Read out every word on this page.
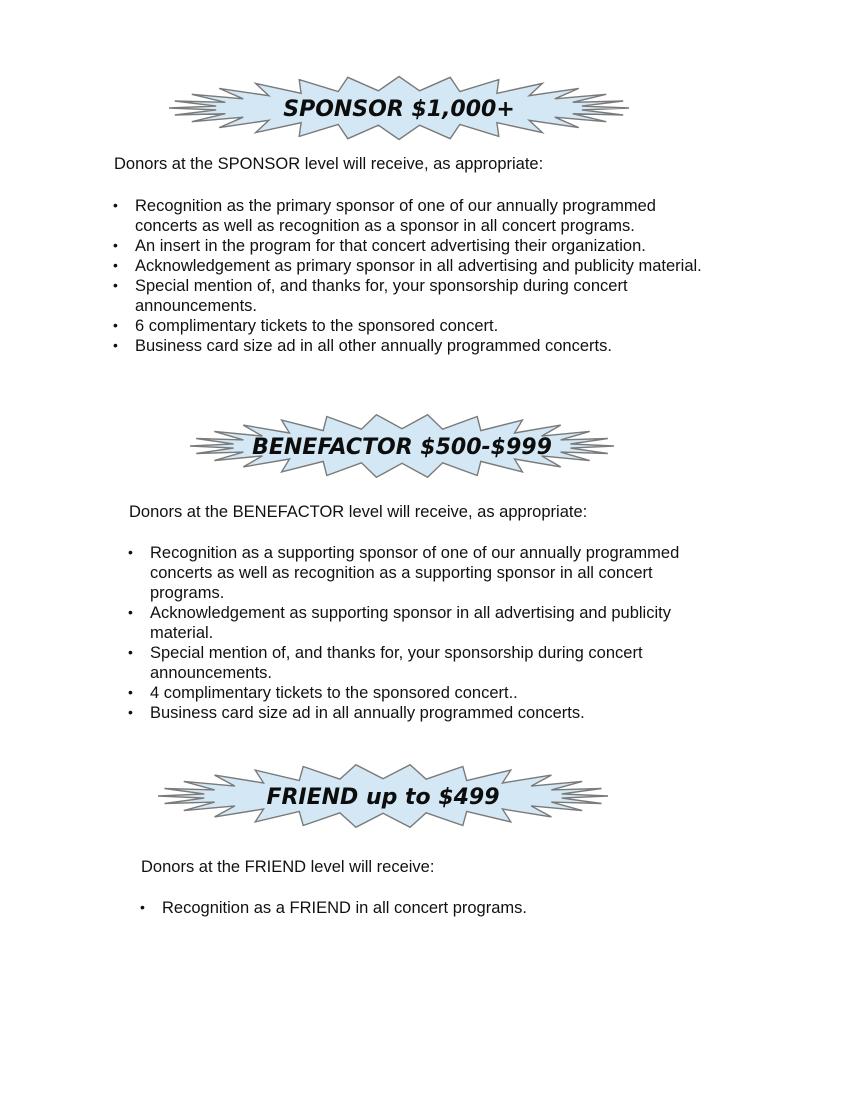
SPONSOR $1,000+

Donors at the SPONSOR level will receive, as appropriate:

• Recognition as the primary sponsor of one of our annually programmed concerts as well as recognition as a sponsor in all concert programs.
• An insert in the program for that concert advertising their organization.
• Acknowledgement as primary sponsor in all advertising and publicity material.
• Special mention of, and thanks for, your sponsorship during concert announcements.
• 6 complimentary tickets to the sponsored concert.
• Business card size ad in all other annually programmed concerts.
BENEFACTOR $500-$999

Donors at the BENEFACTOR level will receive, as appropriate:

• Recognition as a supporting sponsor of one of our annually programmed concerts as well as recognition as a supporting sponsor in all concert programs.
• Acknowledgement as supporting sponsor in all advertising and publicity material.
• Special mention of, and thanks for, your sponsorship during concert announcements.
• 4 complimentary tickets to the sponsored concert..
• Business card size ad in all annually programmed concerts.
FRIEND up to $499

Donors at the FRIEND level will receive:

• Recognition as a FRIEND in all concert programs.
